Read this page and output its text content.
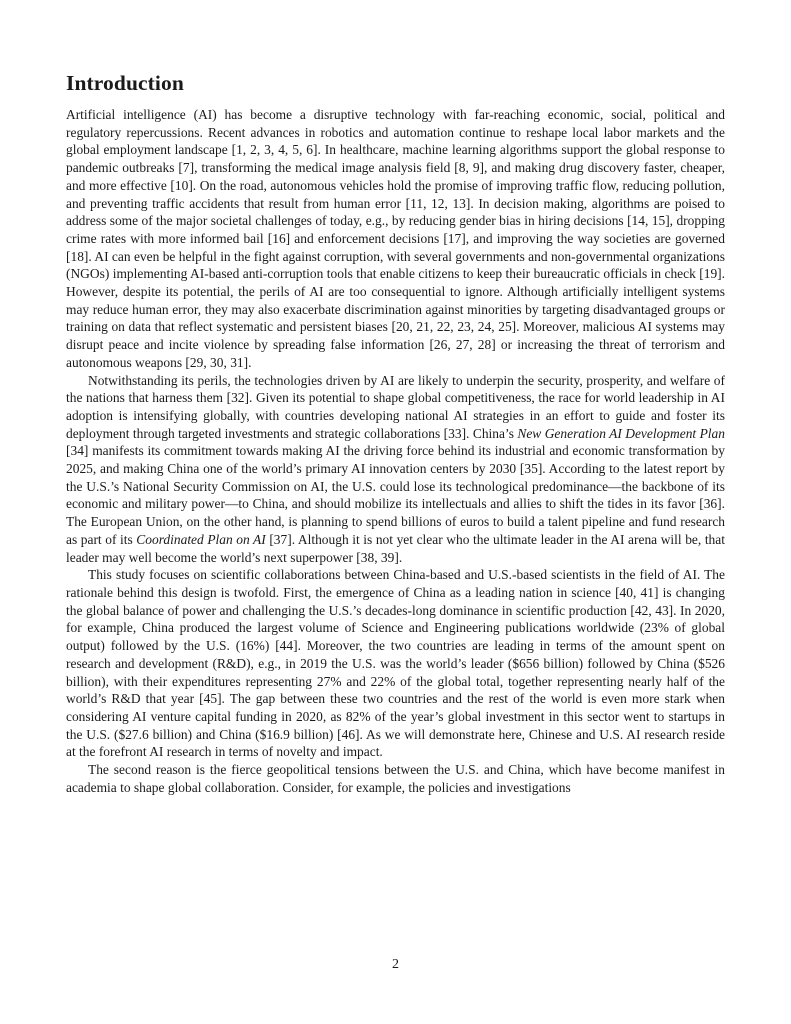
Introduction

Artificial intelligence (AI) has become a disruptive technology with far-reaching economic, social, political and regulatory repercussions. Recent advances in robotics and automation continue to reshape local labor markets and the global employment landscape [1, 2, 3, 4, 5, 6]. In healthcare, machine learning algorithms support the global response to pandemic outbreaks [7], transforming the medical image analysis field [8, 9], and making drug discovery faster, cheaper, and more effective [10]. On the road, autonomous vehicles hold the promise of improving traffic flow, reducing pollution, and preventing traffic accidents that result from human error [11, 12, 13]. In decision making, algorithms are poised to address some of the major societal challenges of today, e.g., by reducing gender bias in hiring decisions [14, 15], dropping crime rates with more informed bail [16] and enforcement decisions [17], and improving the way societies are governed [18]. AI can even be helpful in the fight against corruption, with several governments and non-governmental organizations (NGOs) implementing AI-based anti-corruption tools that enable citizens to keep their bureaucratic officials in check [19]. However, despite its potential, the perils of AI are too consequential to ignore. Although artificially intelligent systems may reduce human error, they may also exacerbate discrimination against minorities by targeting disadvantaged groups or training on data that reflect systematic and persistent biases [20, 21, 22, 23, 24, 25]. Moreover, malicious AI systems may disrupt peace and incite violence by spreading false information [26, 27, 28] or increasing the threat of terrorism and autonomous weapons [29, 30, 31].

Notwithstanding its perils, the technologies driven by AI are likely to underpin the security, prosperity, and welfare of the nations that harness them [32]. Given its potential to shape global competitiveness, the race for world leadership in AI adoption is intensifying globally, with countries developing national AI strategies in an effort to guide and foster its deployment through targeted investments and strategic collaborations [33]. China’s New Generation AI Development Plan [34] manifests its commitment towards making AI the driving force behind its industrial and economic transformation by 2025, and making China one of the world’s primary AI innovation centers by 2030 [35]. According to the latest report by the U.S.’s National Security Commission on AI, the U.S. could lose its technological predominance—the backbone of its economic and military power—to China, and should mobilize its intellectuals and allies to shift the tides in its favor [36]. The European Union, on the other hand, is planning to spend billions of euros to build a talent pipeline and fund research as part of its Coordinated Plan on AI [37]. Although it is not yet clear who the ultimate leader in the AI arena will be, that leader may well become the world’s next superpower [38, 39].

This study focuses on scientific collaborations between China-based and U.S.-based scientists in the field of AI. The rationale behind this design is twofold. First, the emergence of China as a leading nation in science [40, 41] is changing the global balance of power and challenging the U.S.’s decades-long dominance in scientific production [42, 43]. In 2020, for example, China produced the largest volume of Science and Engineering publications worldwide (23% of global output) followed by the U.S. (16%) [44]. Moreover, the two countries are leading in terms of the amount spent on research and development (R&D), e.g., in 2019 the U.S. was the world’s leader ($656 billion) followed by China ($526 billion), with their expenditures representing 27% and 22% of the global total, together representing nearly half of the world’s R&D that year [45]. The gap between these two countries and the rest of the world is even more stark when considering AI venture capital funding in 2020, as 82% of the year’s global investment in this sector went to startups in the U.S. ($27.6 billion) and China ($16.9 billion) [46]. As we will demonstrate here, Chinese and U.S. AI research reside at the forefront AI research in terms of novelty and impact.

The second reason is the fierce geopolitical tensions between the U.S. and China, which have become manifest in academia to shape global collaboration. Consider, for example, the policies and investigations

2
